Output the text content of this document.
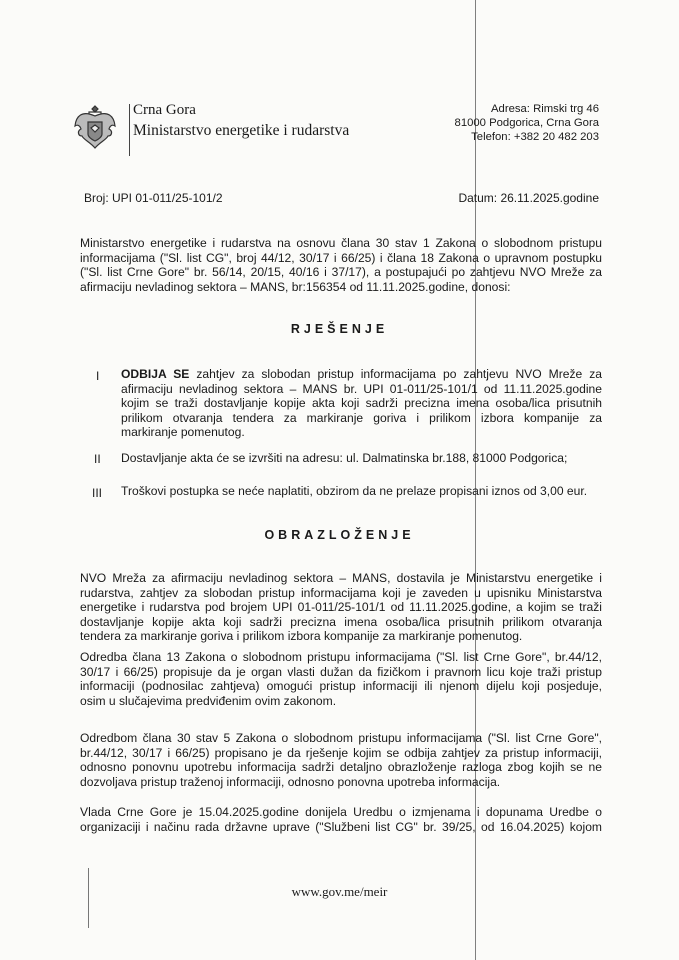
Crna Gora
Ministarstvo energetike i rudarstva
Adresa: Rimski trg 46
81000 Podgorica, Crna Gora
Telefon: +382 20 482 203
Broj: UPI 01-011/25-101/2	Datum: 26.11.2025.godine
Ministarstvo energetike i rudarstva na osnovu člana 30 stav 1 Zakona o slobodnom pristupu
informacijama ("Sl. list CG", broj 44/12, 30/17 i 66/25) i člana 18 Zakona o upravnom postupku
("Sl. list Crne Gore" br. 56/14, 20/15, 40/16 i 37/17), a postupajući po zahtjevu NVO Mreže za
afirmaciju nevladinog sektora – MANS, br:156354 od 11.11.2025.godine, donosi:
RJEŠENJE
I ODBIJA SE zahtjev za slobodan pristup informacijama po zahtjevu NVO Mreže za
afirmaciju nevladinog sektora – MANS br. UPI 01-011/25-101/1 od 11.11.2025.godine
kojim se traži dostavljanje kopije akta koji sadrži precizna imena osoba/lica prisutnih
prilikom otvaranja tendera za markiranje goriva i prilikom izbora kompanije za
markiranje pomenutog.
II Dostavljanje akta će se izvršiti na adresu: ul. Dalmatinska br.188, 81000 Podgorica;
III Troškovi postupka se neće naplatiti, obzirom da ne prelaze propisani iznos od 3,00 eur.
OBRAZLOŽENJE
NVO Mreža za afirmaciju nevladinog sektora – MANS, dostavila je Ministarstvu energetike i
rudarstva, zahtjev za slobodan pristup informacijama koji je zaveden u upisniku Ministarstva
energetike i rudarstva pod brojem UPI 01-011/25-101/1 od 11.11.2025.godine, a kojim se traži
dostavljanje kopije akta koji sadrži precizna imena osoba/lica prisutnih prilikom otvaranja
tendera za markiranje goriva i prilikom izbora kompanije za markiranje pomenutog.
Odredba člana 13 Zakona o slobodnom pristupu informacijama ("Sl. list Crne Gore", br.44/12,
30/17 i 66/25) propisuje da je organ vlasti dužan da fizičkom i pravnom licu koje traži pristup
informaciji (podnosilac zahtjeva) omogući pristup informaciji ili njenom dijelu koji posjeduje,
osim u slučajevima predviđenim ovim zakonom.
Odredbom člana 30 stav 5 Zakona o slobodnom pristupu informacijama ("Sl. list Crne Gore",
br.44/12, 30/17 i 66/25) propisano je da rješenje kojim se odbija zahtjev za pristup informaciji,
odnosno ponovnu upotrebu informacija sadrži detaljno obrazloženje razloga zbog kojih se ne
dozvoljava pristup traženoj informaciji, odnosno ponovna upotreba informacija.
Vlada Crne Gore je 15.04.2025.godine donijela Uredbu o izmjenama i dopunama Uredbe o
organizaciji i načinu rada državne uprave ("Službeni list CG" br. 39/25, od 16.04.2025) kojom
www.gov.me/meir
